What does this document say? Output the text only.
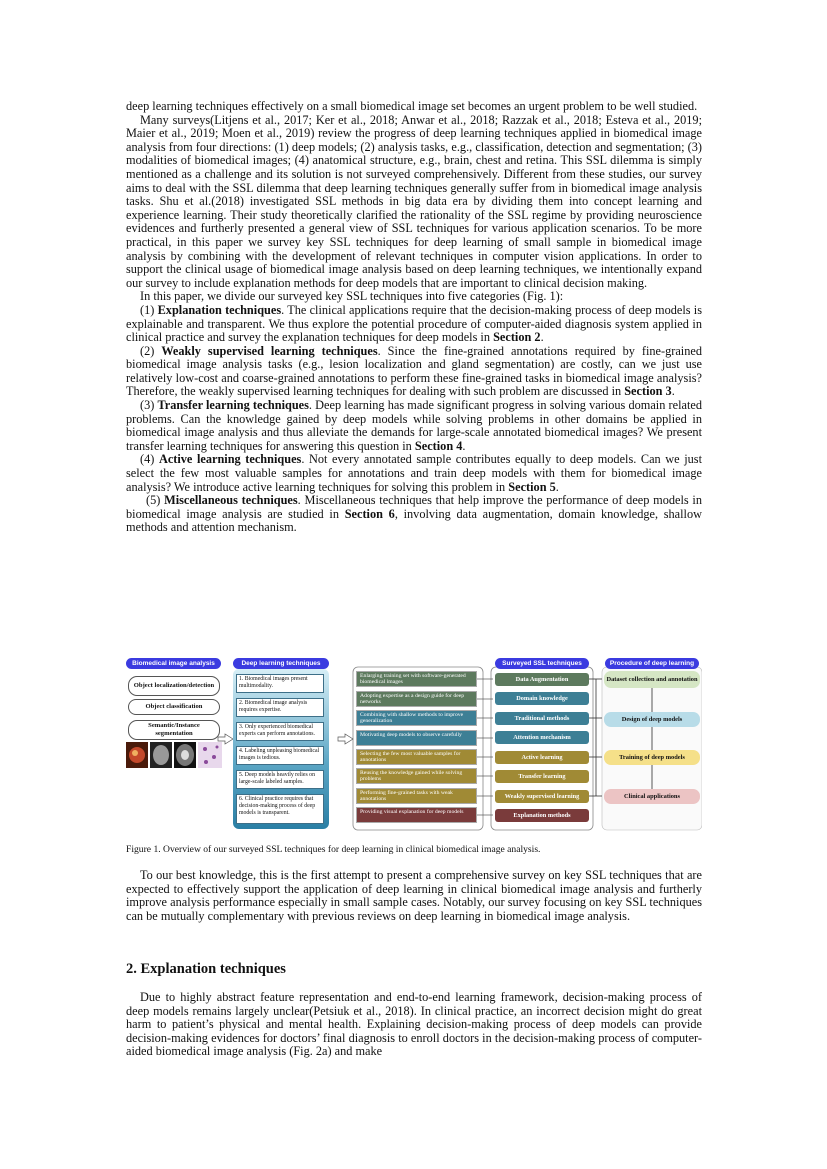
deep learning techniques effectively on a small biomedical image set becomes an urgent problem to be well studied.

Many surveys(Litjens et al., 2017; Ker et al., 2018; Anwar et al., 2018; Razzak et al., 2018; Esteva et al., 2019; Maier et al., 2019; Moen et al., 2019) review the progress of deep learning techniques applied in biomedical image analysis from four directions: (1) deep models; (2) analysis tasks, e.g., classification, detection and segmentation; (3) modalities of biomedical images; (4) anatomical structure, e.g., brain, chest and retina. This SSL dilemma is simply mentioned as a challenge and its solution is not surveyed comprehensively. Different from these studies, our survey aims to deal with the SSL dilemma that deep learning techniques generally suffer from in biomedical image analysis tasks. Shu et al.(2018) investigated SSL methods in big data era by dividing them into concept learning and experience learning. Their study theoretically clarified the rationality of the SSL regime by providing neuroscience evidences and furtherly presented a general view of SSL techniques for various application scenarios. To be more practical, in this paper we survey key SSL techniques for deep learning of small sample in biomedical image analysis by combining with the development of relevant techniques in computer vision applications. In order to support the clinical usage of biomedical image analysis based on deep learning techniques, we intentionally expand our survey to include explanation methods for deep models that are important to clinical decision making.

In this paper, we divide our surveyed key SSL techniques into five categories (Fig. 1):

(1) Explanation techniques. The clinical applications require that the decision-making process of deep models is explainable and transparent. We thus explore the potential procedure of computer-aided diagnosis system applied in clinical practice and survey the explanation techniques for deep models in Section 2.

(2) Weakly supervised learning techniques. Since the fine-grained annotations required by fine-grained biomedical image analysis tasks (e.g., lesion localization and gland segmentation) are costly, can we just use relatively low-cost and coarse-grained annotations to perform these fine-grained tasks in biomedical image analysis? Therefore, the weakly supervised learning techniques for dealing with such problem are discussed in Section 3.

(3) Transfer learning techniques. Deep learning has made significant progress in solving various domain related problems. Can the knowledge gained by deep models while solving problems in other domains be applied in biomedical image analysis and thus alleviate the demands for large-scale annotated biomedical images? We present transfer learning techniques for answering this question in Section 4.

(4) Active learning techniques. Not every annotated sample contributes equally to deep models. Can we just select the few most valuable samples for annotations and train deep models with them for biomedical image analysis? We introduce active learning techniques for solving this problem in Section 5.

(5) Miscellaneous techniques. Miscellaneous techniques that help improve the performance of deep models in biomedical image analysis are studied in Section 6, involving data augmentation, domain knowledge, shallow methods and attention mechanism.

Biomedical image analysis	Deep learning techniques	Surveyed SSL techniques	Procedure of deep learning
Object localization/detection
Object classification
Semantic/Instance segmentation
1. Biomedical images present multimodality.
2. Biomedical image analysis requires expertise.
3. Only experienced biomedical experts can perform annotations.
4. Labeling unpleasing biomedical images is tedious.
5. Deep models heavily relies on large-scale labeled samples.
6. Clinical practice requires that decision-making process of deep models is transparent.
Enlarging training set with software-generated biomedical images
Adopting expertise as a design guide for deep networks
Combining with shallow methods to improve generalization
Motivating deep models to observe carefully
Selecting the few most valuable samples for annotations
Reusing the knowledge gained while solving problems
Performing fine-grained tasks with weak annotations
Providing visual explanation for deep models
Data Augmentation
Domain knowledge
Traditional methods
Attention mechanism
Active learning
Transfer learning
Weakly supervised learning
Explanation methods
Dataset collection and annotation
Design of deep models
Training of deep models
Clinical applications
Figure 1. Overview of our surveyed SSL techniques for deep learning in clinical biomedical image analysis.

To our best knowledge, this is the first attempt to present a comprehensive survey on key SSL techniques that are expected to effectively support the application of deep learning in clinical biomedical image analysis and furtherly improve analysis performance especially in small sample cases. Notably, our survey focusing on key SSL techniques can be mutually complementary with previous reviews on deep learning in biomedical image analysis.

2. Explanation techniques

Due to highly abstract feature representation and end-to-end learning framework, decision-making process of deep models remains largely unclear(Petsiuk et al., 2018). In clinical practice, an incorrect decision might do great harm to patient’s physical and mental health. Explaining decision-making process of deep models can provide decision-making evidences for doctors’ final diagnosis to enroll doctors in the decision-making process of computer-aided biomedical image analysis (Fig. 2a) and make
